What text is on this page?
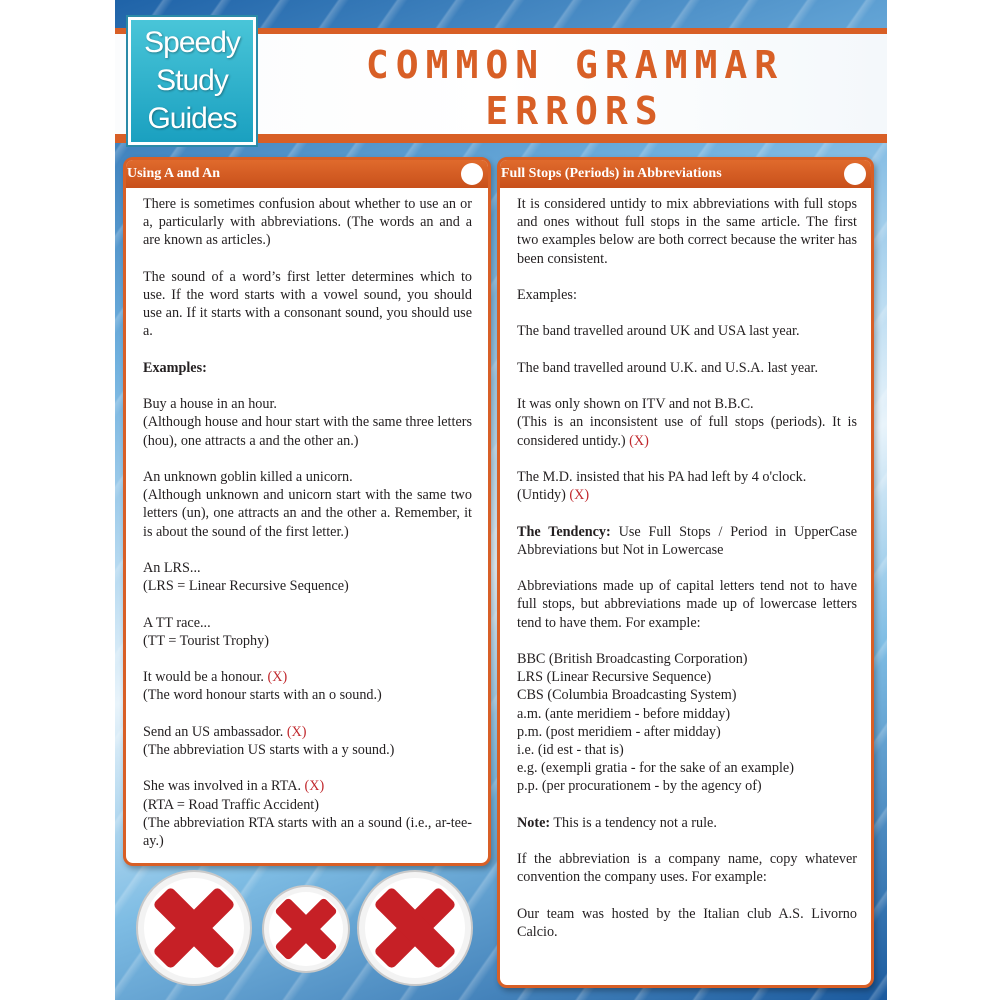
Speedy
Study
Guides
COMMON GRAMMAR
ERRORS
Using A and An

There is sometimes confusion about whether to use an or a, particularly with abbreviations. (The words an and a are known as articles.)

The sound of a word’s first letter determines which to use. If the word starts with a vowel sound, you should use an. If it starts with a consonant sound, you should use a.

Examples:

Buy a house in an hour.
(Although house and hour start with the same three letters (hou), one attracts a and the other an.)

An unknown goblin killed a unicorn.
(Although unknown and unicorn start with the same two letters (un), one attracts an and the other a. Remember, it is about the sound of the first letter.)

An LRS...
(LRS = Linear Recursive Sequence)

A TT race...
(TT = Tourist Trophy)

It would be a honour. (X)
(The word honour starts with an o sound.)

Send an US ambassador. (X)
(The abbreviation US starts with a y sound.)

She was involved in a RTA. (X)
(RTA = Road Traffic Accident)
(The abbreviation RTA starts with an a sound (i.e., ar-tee-ay.)

Full Stops (Periods) in Abbreviations

It is considered untidy to mix abbreviations with full stops and ones without full stops in the same article. The first two examples below are both correct because the writer has been consistent.

Examples:

The band travelled around UK and USA last year.

The band travelled around U.K. and U.S.A. last year.

It was only shown on ITV and not B.B.C.
(This is an inconsistent use of full stops (periods). It is considered untidy.) (X)

The M.D. insisted that his PA had left by 4 o'clock.
(Untidy) (X)

The Tendency: Use Full Stops / Period in UpperCase Abbreviations but Not in Lowercase

Abbreviations made up of capital letters tend not to have full stops, but abbreviations made up of lowercase letters tend to have them. For example:

BBC (British Broadcasting Corporation)
LRS (Linear Recursive Sequence)
CBS (Columbia Broadcasting System)
a.m. (ante meridiem - before midday)
p.m. (post meridiem - after midday)
i.e. (id est - that is)
e.g. (exempli gratia - for the sake of an example)
p.p. (per procurationem - by the agency of)

Note: This is a tendency not a rule.

If the abbreviation is a company name, copy whatever convention the company uses. For example:

Our team was hosted by the Italian club A.S. Livorno Calcio.
